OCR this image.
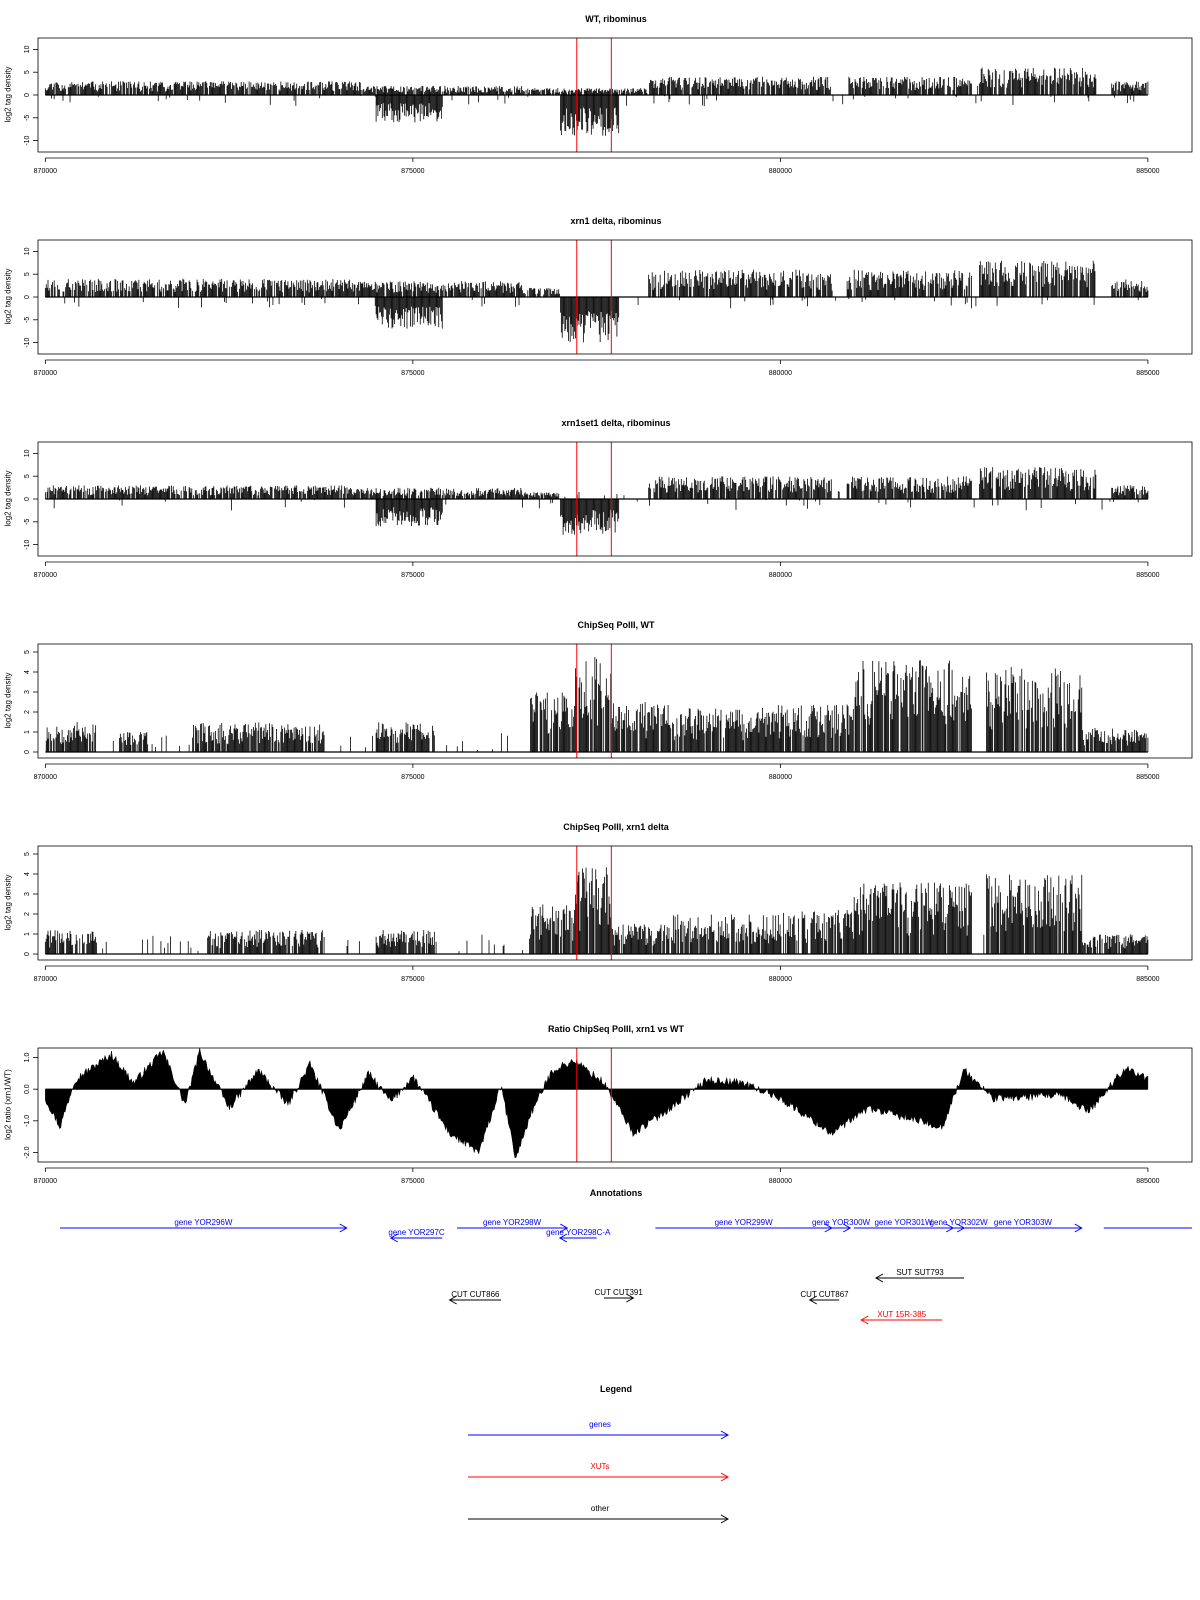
WT, ribominus
log2 tag density
-10
-5
0
5
10
870000	875000	880000	885000
xrn1 delta, ribominus
log2 tag density
-10
-5
0
5
10
870000	875000	880000	885000
xrn1set1 delta, ribominus
log2 tag density
-10
-5
0
5
10
870000	875000	880000	885000
ChipSeq PolII, WT
log2 tag density
0
1
2
3
4
5
870000	875000	880000	885000
ChipSeq PolII, xrn1 delta
log2 tag density
0
1
2
3
4
5
870000	875000	880000	885000
Ratio ChipSeq PolII, xrn1 vs WT
log2 ratio (xrn1/WT)
-2.0
-1.0
0.0
1.0
870000	875000	880000	885000
Annotations
gene YOR296W
gene YOR297C
gene YOR298W
gene YOR298C-A
gene YOR299W	gene YOR300W gene YOR301W
gene YOR302W gene YOR303W
SUT SUT793
CUT CUT391
CUT CUT866	CUT CUT867
XUT 15R-385
Legend
genes
XUTs
other
